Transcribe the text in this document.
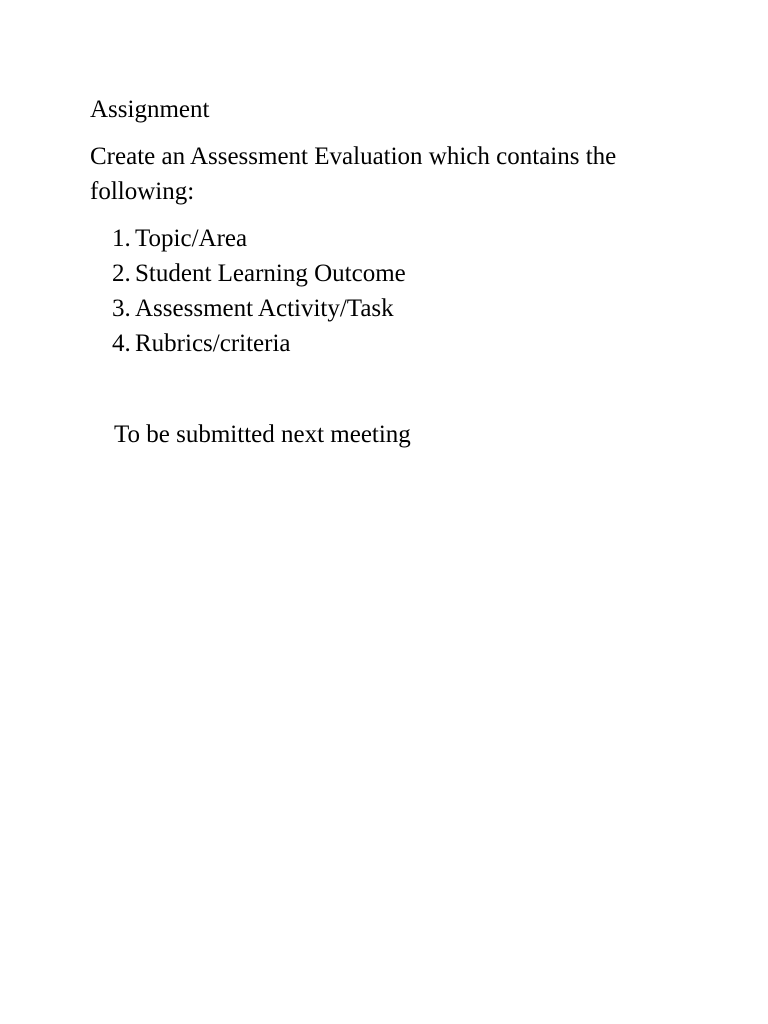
Assignment
Create an Assessment Evaluation which contains the following:
1. Topic/Area
2. Student Learning Outcome
3. Assessment Activity/Task
4. Rubrics/criteria
To be submitted next meeting
